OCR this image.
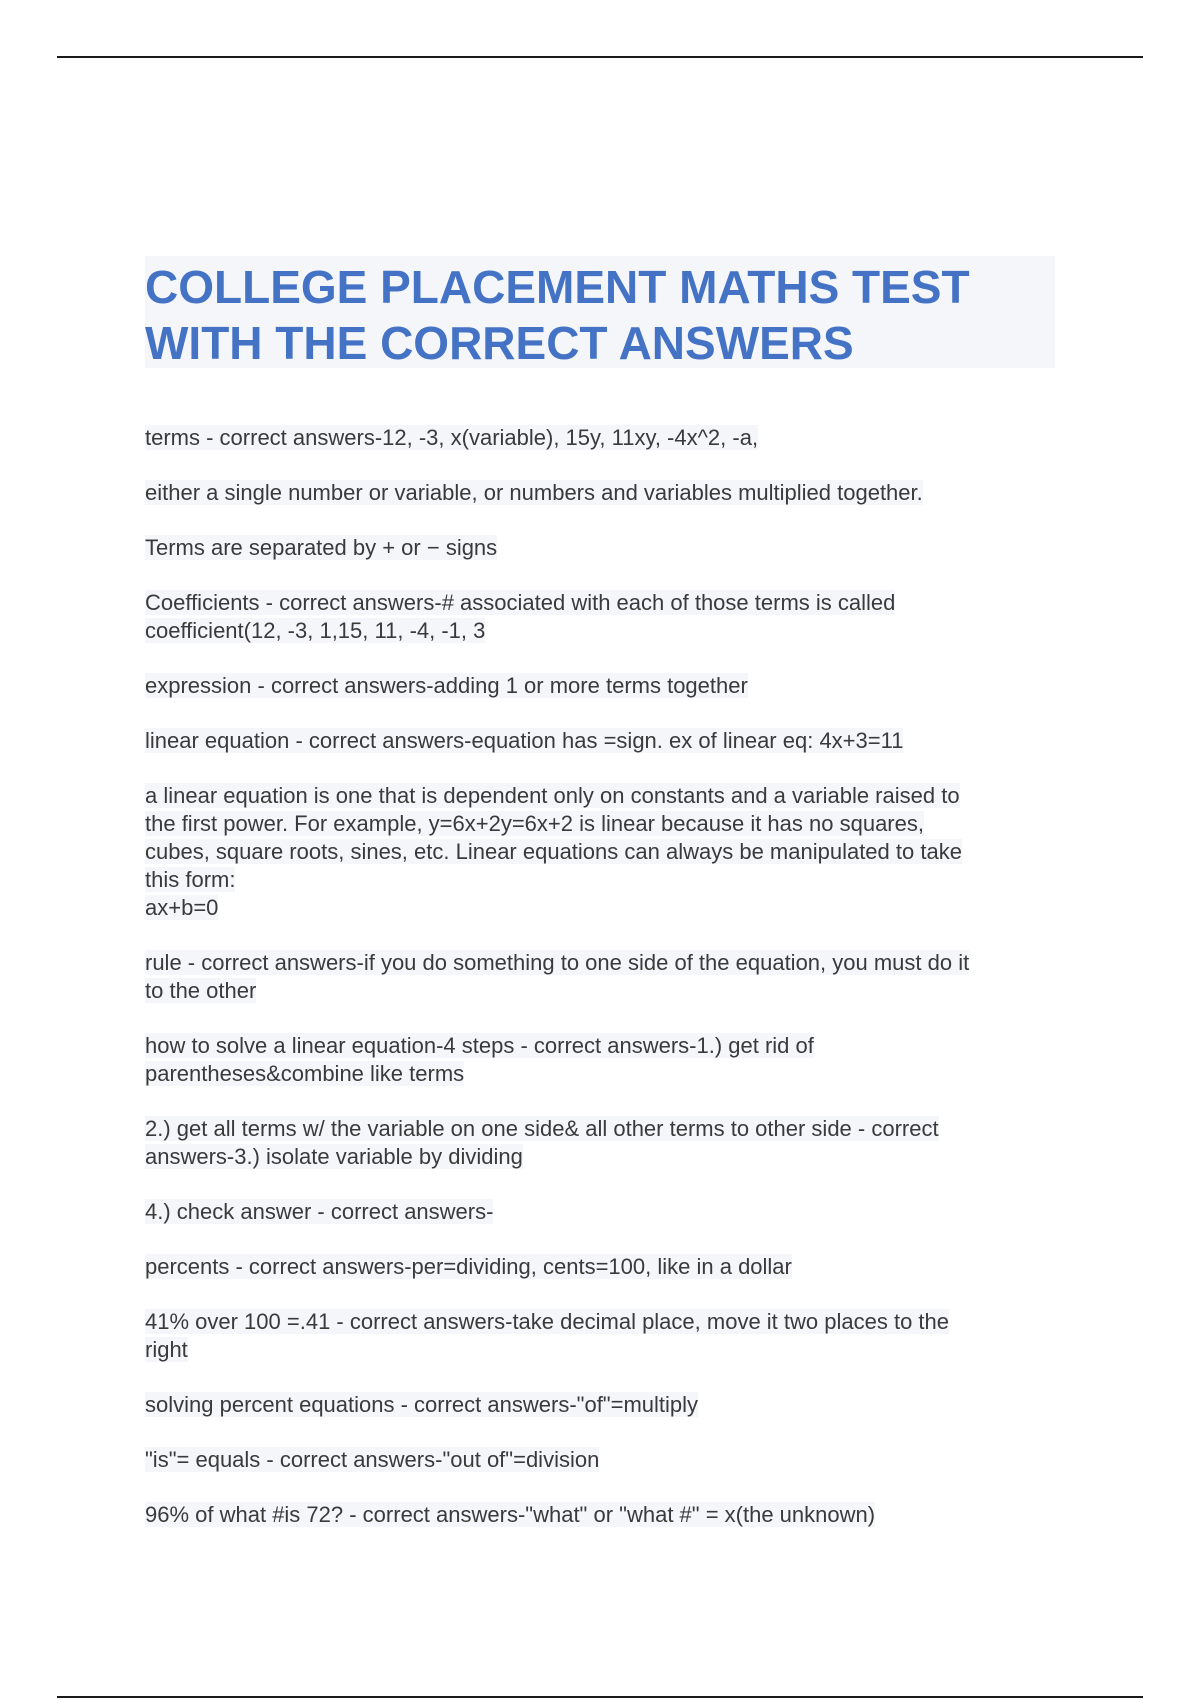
COLLEGE PLACEMENT MATHS TEST
WITH THE CORRECT ANSWERS
terms - correct answers-12, -3, x(variable), 15y, 11xy, -4x^2, -a,
either a single number or variable, or numbers and variables multiplied together.
Terms are separated by + or − signs
Coefficients - correct answers-# associated with each of those terms is called
coefficient(12, -3, 1,15, 11, -4, -1, 3
expression - correct answers-adding 1 or more terms together
linear equation - correct answers-equation has =sign. ex of linear eq: 4x+3=11
a linear equation is one that is dependent only on constants and a variable raised to
the first power. For example, y=6x+2y=6x+2 is linear because it has no squares,
cubes, square roots, sines, etc. Linear equations can always be manipulated to take
this form:
ax+b=0
rule - correct answers-if you do something to one side of the equation, you must do it
to the other
how to solve a linear equation-4 steps - correct answers-1.) get rid of
parentheses&combine like terms
2.) get all terms w/ the variable on one side& all other terms to other side - correct
answers-3.) isolate variable by dividing
4.) check answer - correct answers-
percents - correct answers-per=dividing, cents=100, like in a dollar
41% over 100 =.41 - correct answers-take decimal place, move it two places to the
right
solving percent equations - correct answers-"of"=multiply
"is"= equals - correct answers-"out of"=division
96% of what #is 72? - correct answers-"what" or "what #" = x(the unknown)
